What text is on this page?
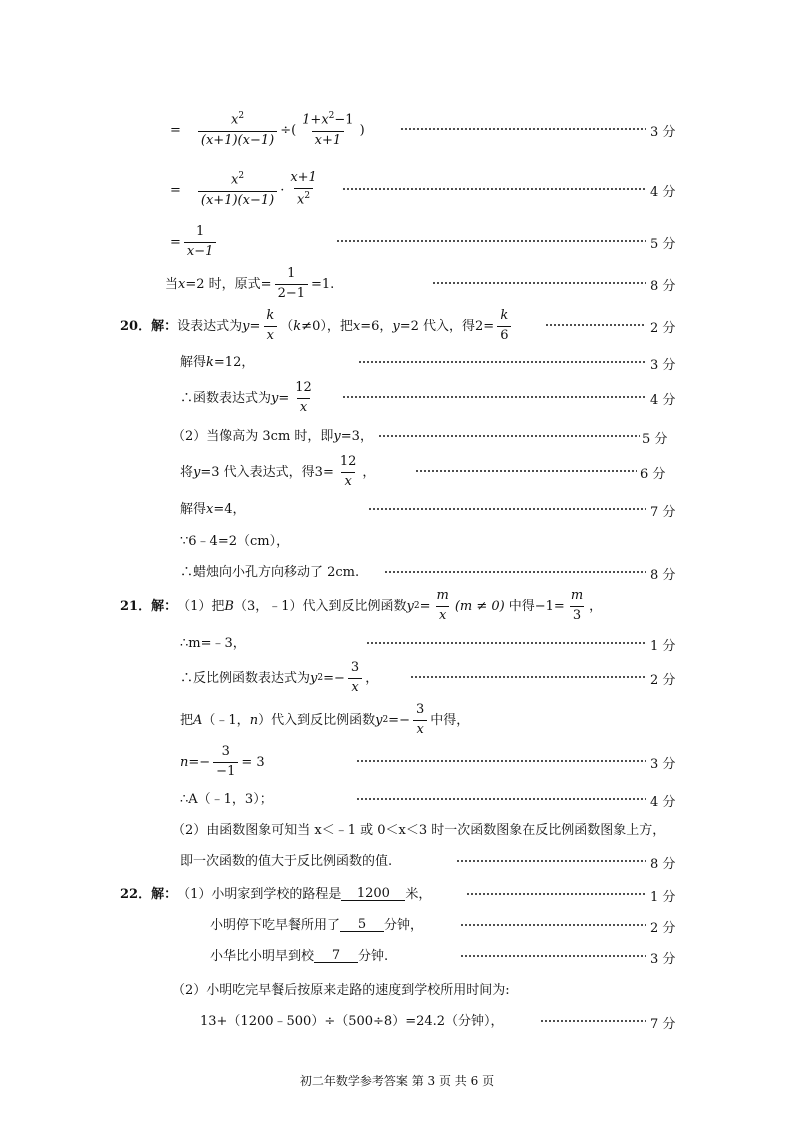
= $\frac{x^2}{(x+1)(x-1)}$ ÷( $\frac{1+x^2-1}{x+1}$ )	3 分
= $\frac{x^2}{(x+1)(x-1)} \cdot \frac{x+1}{x^2}$	4 分
= $\frac{1}{x-1}$	5 分
当 x =2 时，原式= $\frac{1}{2-1} =1$.	8 分
20．解： 设表达式为 $y = \frac{k}{x}$ （ k ≠0），把 x =6， y =2 代入，得 $2 = \frac{k}{6}$	2 分
解得 k =12，	3 分
∴函数表达式为 $y = \frac{12}{x}$	4 分
（2）当像高为 3cm 时，即 y =3，	5 分
将 y =3 代入表达式，得 $3 = \frac{12}{x}$ ，	6 分
解得 x =4，	7 分
∵6﹣4=2（cm），
∴蜡烛向小孔方向移动了 2cm.	8 分
21．解： （1）把 B （3，﹣1）代入到反比例函数 y $2 = \frac{m}{x} (m \ne 0)$ 中得 $-1 = \frac{m}{3}$ ，
∴m=﹣3，	1 分
∴反比例函数表达式为 y 2 = − $\frac{3}{x}$ ，	2 分
把 A （﹣1， n ）代入到反比例函数 y 2 = − $\frac{3}{x}$ 中得，
$n =- \frac{3}{-1} = 3$	3 分
∴A（﹣1，3）；	4 分
（2）由函数图象可知当 x＜﹣1 或 0＜x＜3 时一次函数图象在反比例函数图象上方，
即一次函数的值大于反比例函数的值.	8 分
22．解： （1）小明家到学校的路程是	1200	米，	1 分
小明停下吃早餐所用了	5	分钟，	2 分
小华比小明早到校	7	分钟.	3 分
（2）小明吃完早餐后按原来走路的速度到学校所用时间为:
13+（1200﹣500）÷（500÷8）=24.2（分钟），	7 分
初二年数学参考答案 第 3 页 共 6 页
